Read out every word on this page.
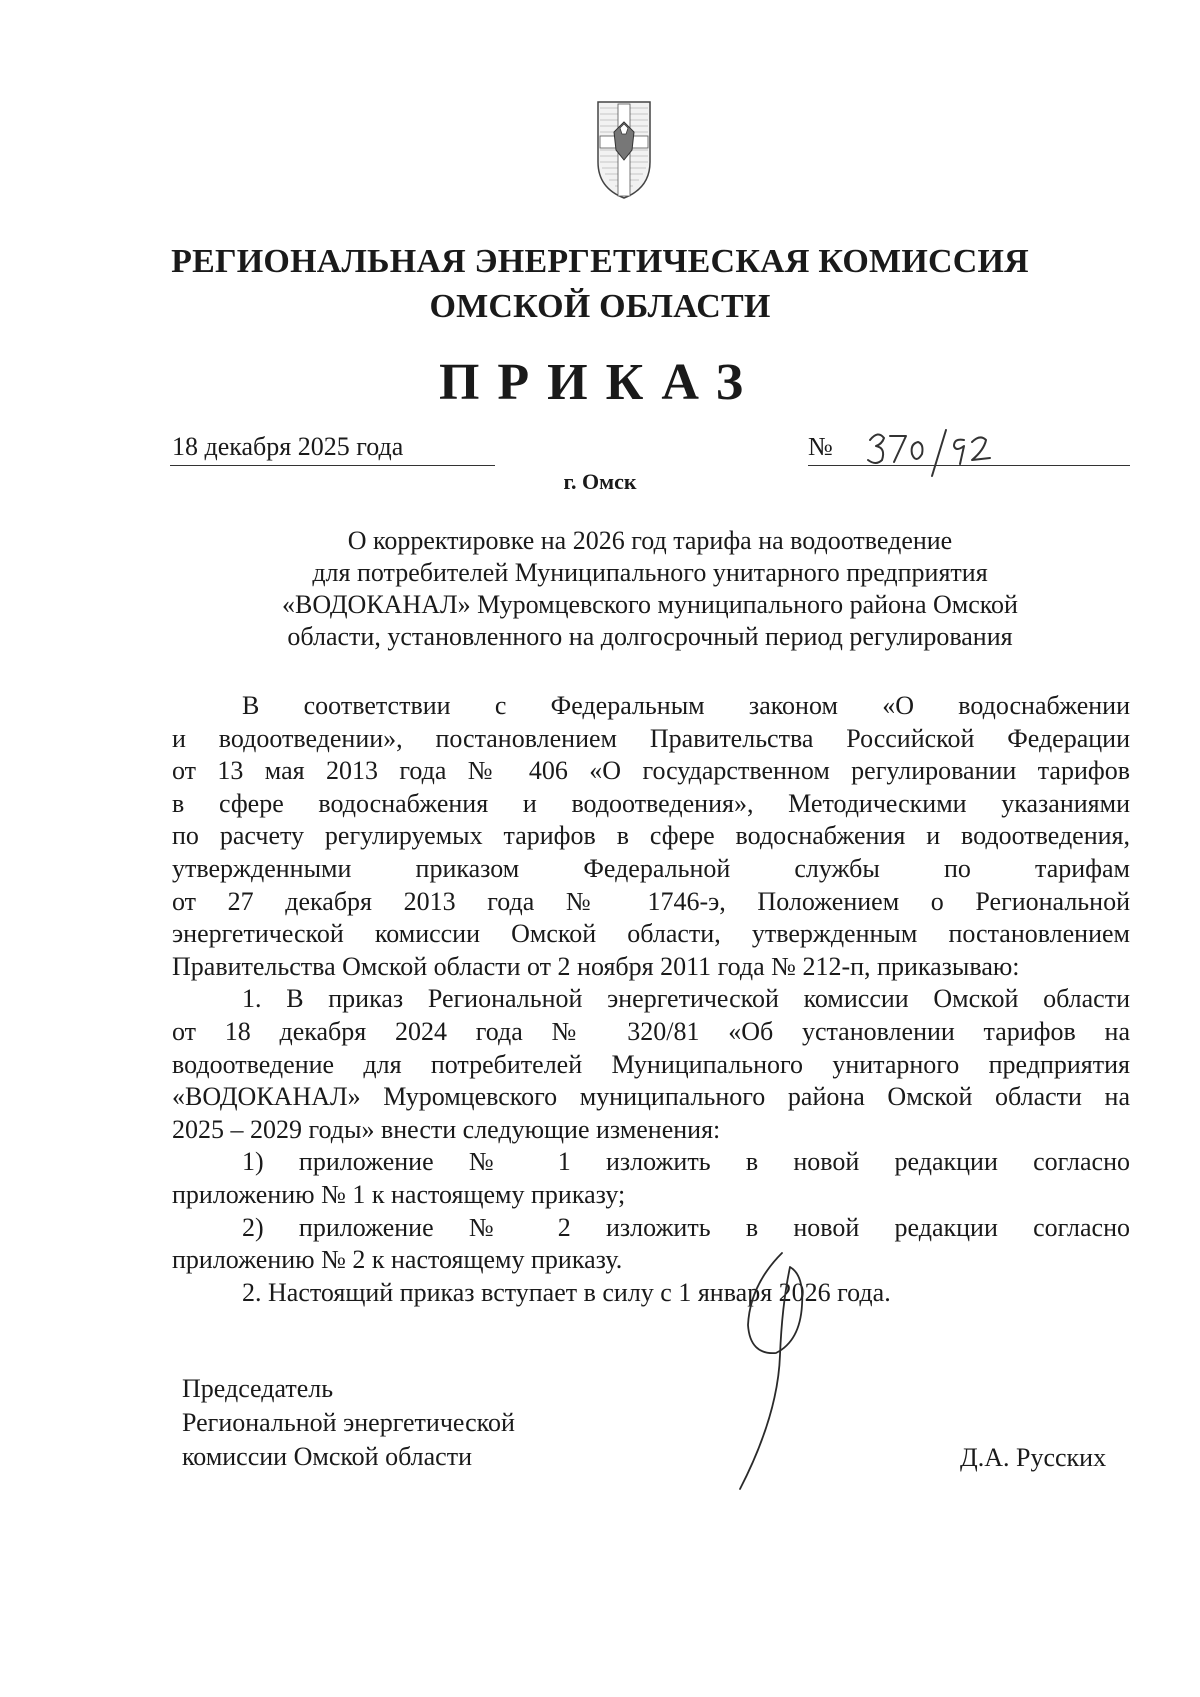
РЕГИОНАЛЬНАЯ ЭНЕРГЕТИЧЕСКАЯ КОМИССИЯ
ОМСКОЙ ОБЛАСТИ
ПРИКАЗ
18 декабря 2025 года	№
г. Омск
О корректировке на 2026 год тарифа на водоотведение
для потребителей Муниципального унитарного предприятия
«ВОДОКАНАЛ» Муромцевского муниципального района Омской
области, установленного на долгосрочный период регулирования
В соответствии с Федеральным законом «О водоснабжении
и водоотведении», постановлением Правительства Российской Федерации
от 13 мая 2013 года № 406 «О государственном регулировании тарифов
в сфере водоснабжения и водоотведения», Методическими указаниями
по расчету регулируемых тарифов в сфере водоснабжения и водоотведения,
утвержденными приказом Федеральной службы по тарифам
от 27 декабря 2013 года № 1746-э, Положением о Региональной
энергетической комиссии Омской области, утвержденным постановлением
Правительства Омской области от 2 ноября 2011 года № 212-п, приказываю:
1. В приказ Региональной энергетической комиссии Омской области
от 18 декабря 2024 года № 320/81 «Об установлении тарифов на
водоотведение для потребителей Муниципального унитарного предприятия
«ВОДОКАНАЛ» Муромцевского муниципального района Омской области на
2025 – 2029 годы» внести следующие изменения:
1) приложение № 1 изложить в новой редакции согласно
приложению № 1 к настоящему приказу;
2) приложение № 2 изложить в новой редакции согласно
приложению № 2 к настоящему приказу.
2. Настоящий приказ вступает в силу с 1 января 2026 года.
Председатель
Региональной энергетической
комиссии Омской области	Д.А. Русских
